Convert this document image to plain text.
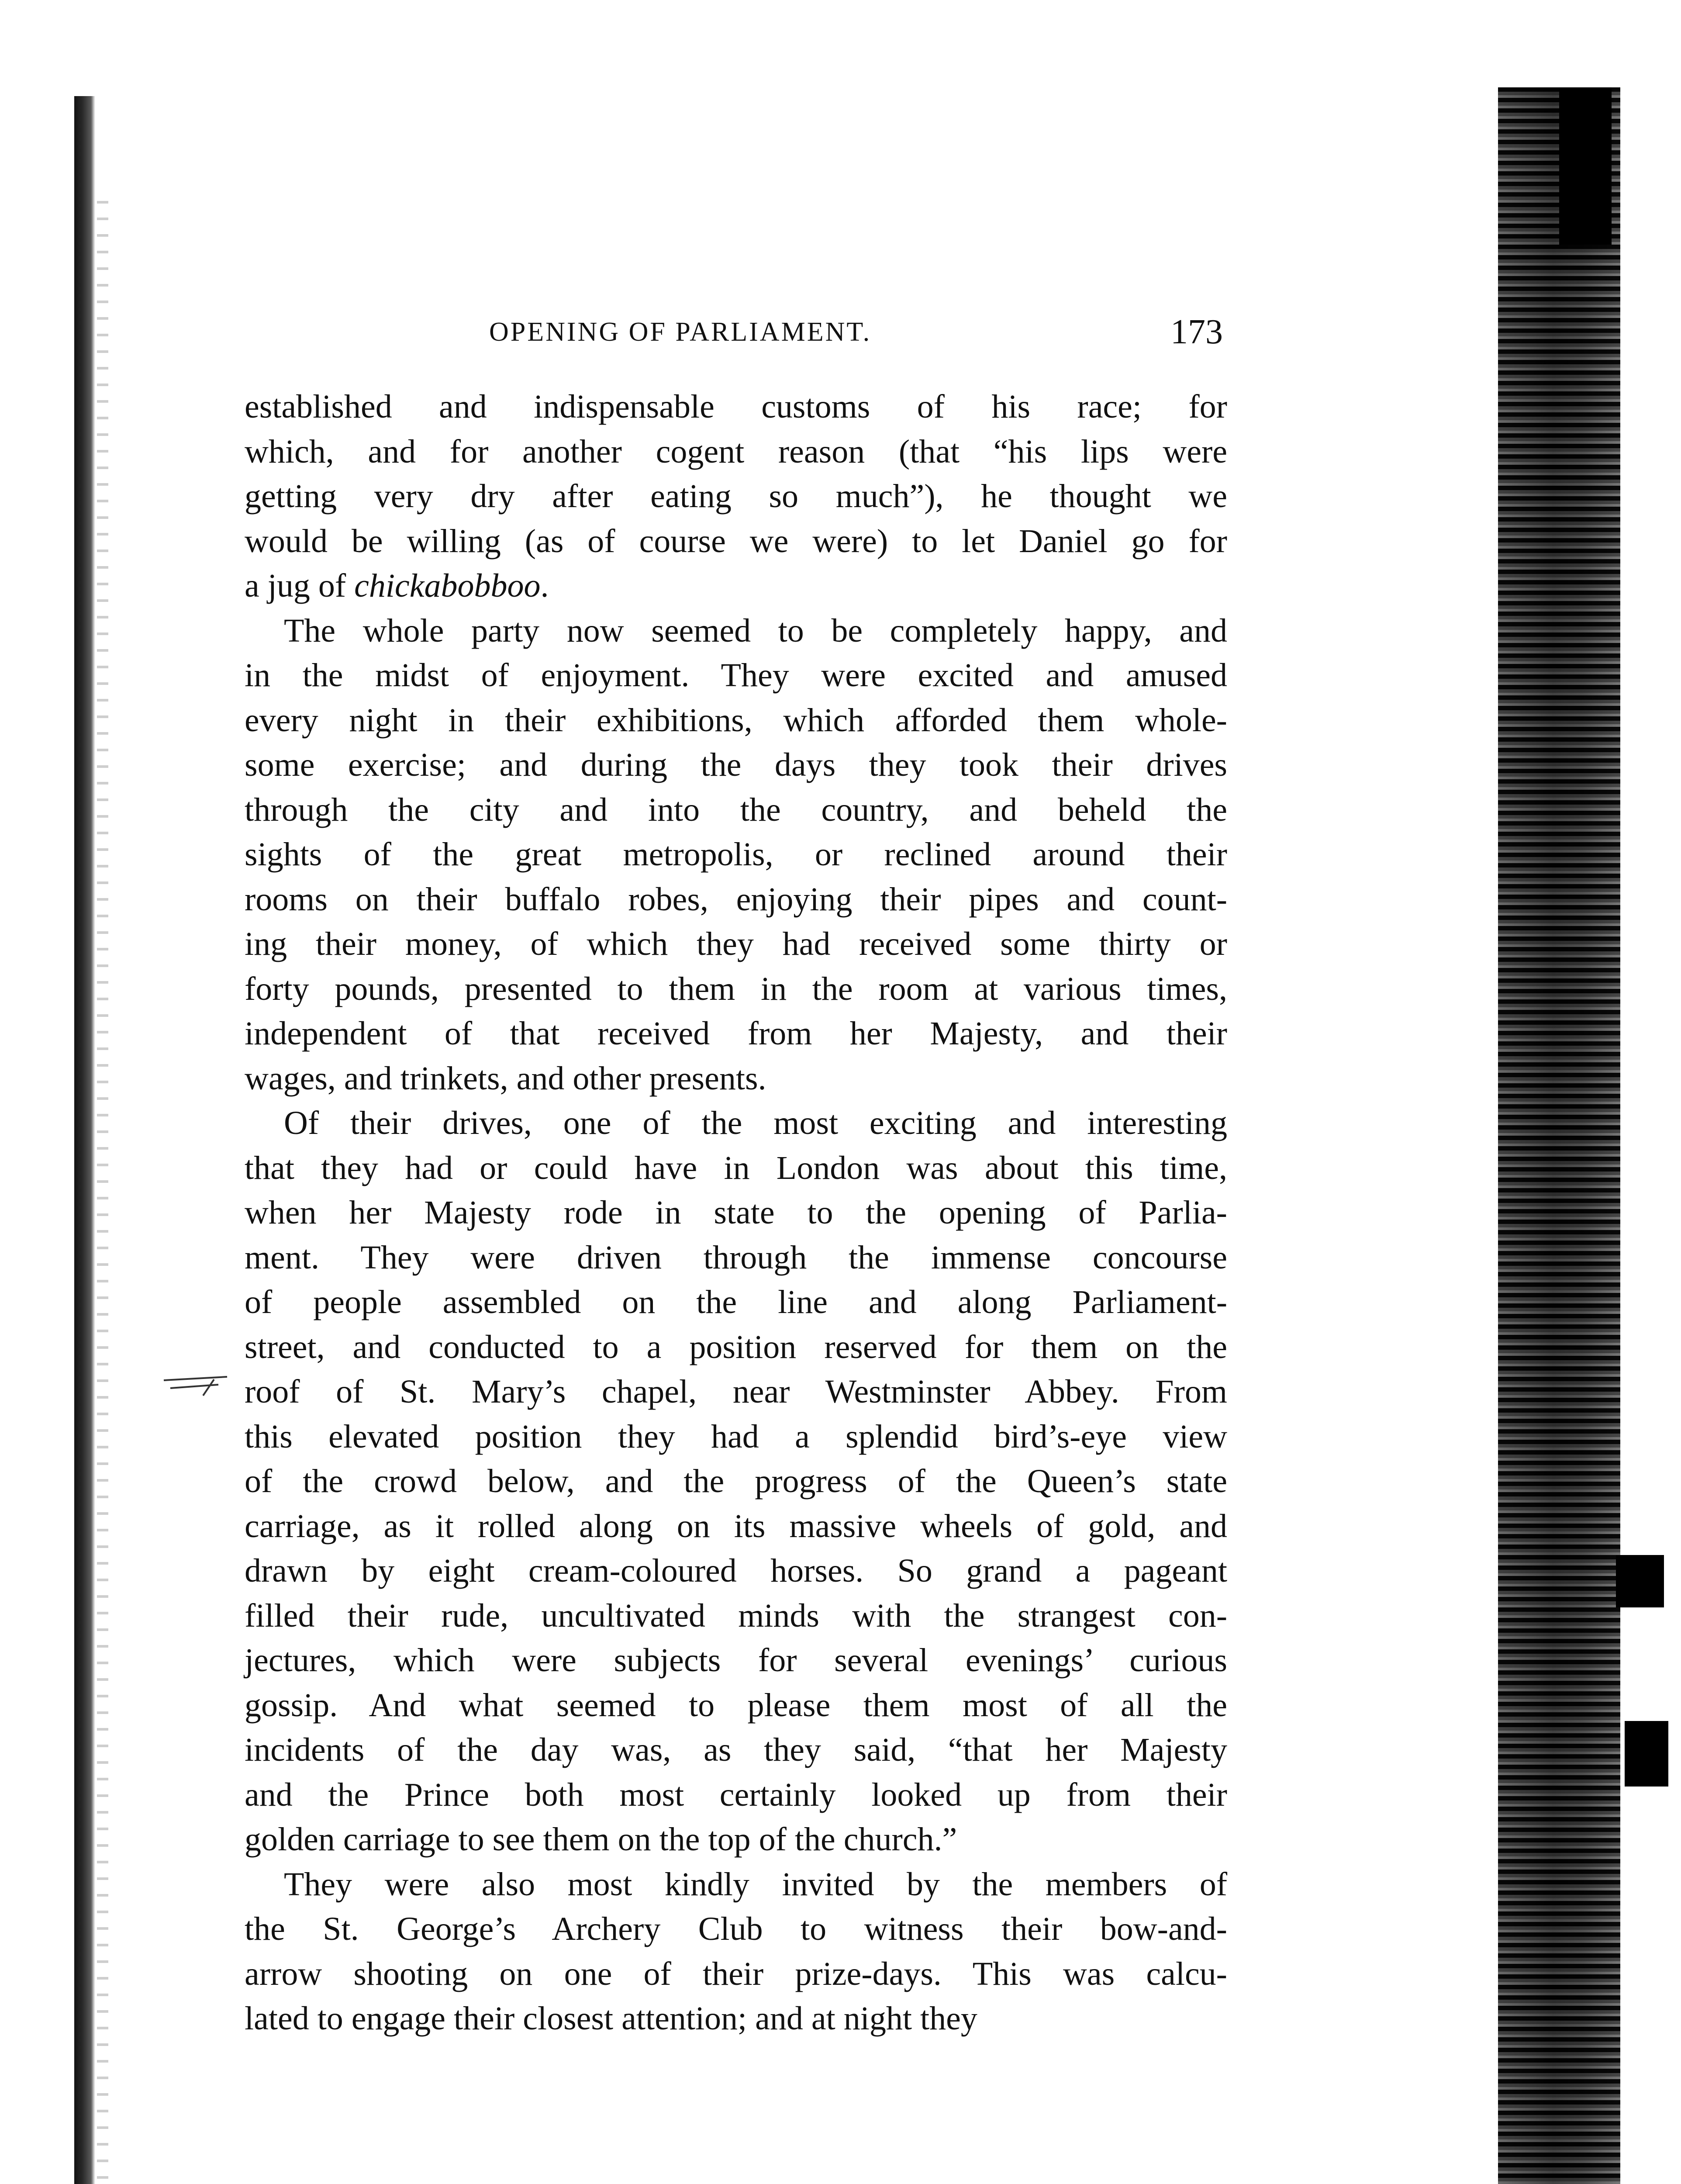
OPENING OF PARLIAMENT.	173

established and indispensable customs of his race; for
which, and for another cogent reason (that “his lips were
getting very dry after eating so much”), he thought we
would be willing (as of course we were) to let Daniel go for
a jug of chickabobboo.

The whole party now seemed to be completely happy, and
in the midst of enjoyment. They were excited and amused
every night in their exhibitions, which afforded them whole-
some exercise; and during the days they took their drives
through the city and into the country, and beheld the
sights of the great metropolis, or reclined around their
rooms on their buffalo robes, enjoying their pipes and count-
ing their money, of which they had received some thirty or
forty pounds, presented to them in the room at various times,
independent of that received from her Majesty, and their
wages, and trinkets, and other presents.

Of their drives, one of the most exciting and interesting
that they had or could have in London was about this time,
when her Majesty rode in state to the opening of Parlia-
ment. They were driven through the immense concourse
of people assembled on the line and along Parliament-
street, and conducted to a position reserved for them on the
roof of St. Mary’s chapel, near Westminster Abbey. From
this elevated position they had a splendid bird’s-eye view
of the crowd below, and the progress of the Queen’s state
carriage, as it rolled along on its massive wheels of gold, and
drawn by eight cream-coloured horses. So grand a pageant
filled their rude, uncultivated minds with the strangest con-
jectures, which were subjects for several evenings’ curious
gossip. And what seemed to please them most of all the
incidents of the day was, as they said, “that her Majesty
and the Prince both most certainly looked up from their
golden carriage to see them on the top of the church.”

They were also most kindly invited by the members of
the St. George’s Archery Club to witness their bow-and-
arrow shooting on one of their prize-days. This was calcu-
lated to engage their closest attention; and at night they
